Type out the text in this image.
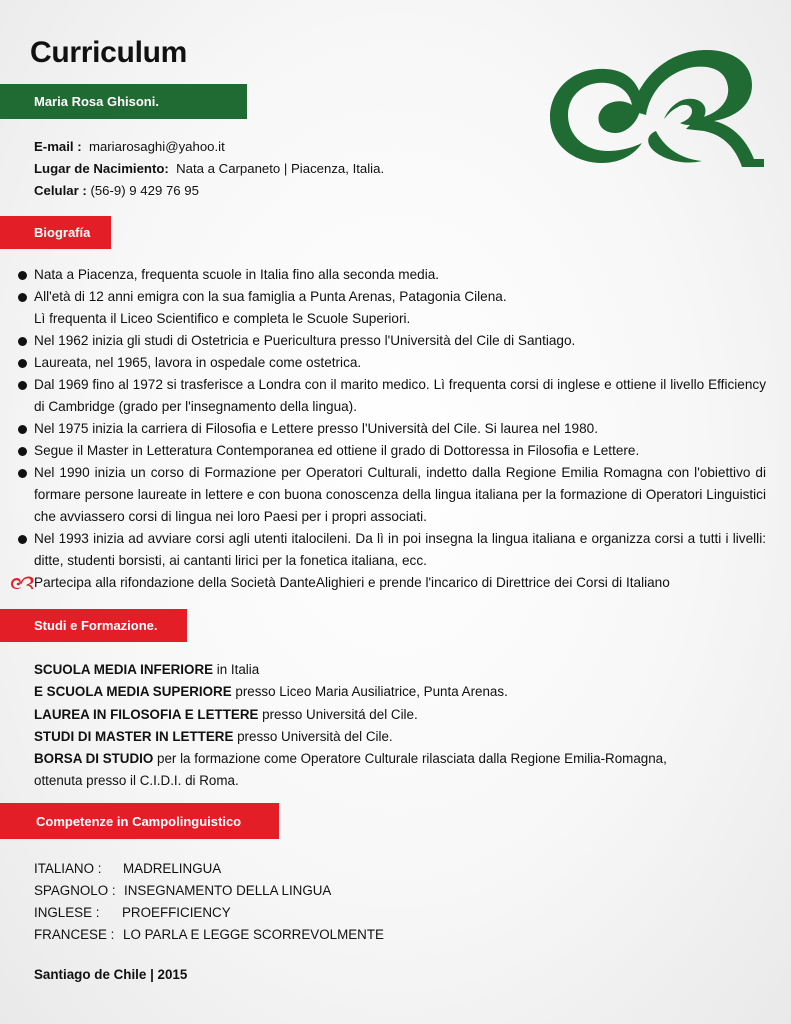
Curriculum
Maria Rosa Ghisoni.
E-mail : mariarosaghi@yahoo.it
Lugar de Nacimiento: Nata a Carpaneto | Piacenza, Italia.
Celular : (56-9) 9 429 76 95
Biografía
Nata a Piacenza, frequenta scuole in Italia fino alla seconda media.
All'età di 12 anni emigra con la sua famiglia a Punta Arenas, Patagonia Cilena.
Lì frequenta il Liceo Scientifico e completa le Scuole Superiori.
Nel 1962 inizia gli studi di Ostetricia e Puericultura presso l'Università del Cile di Santiago.
Laureata, nel 1965, lavora in ospedale come ostetrica.
Dal 1969 fino al 1972 si trasferisce a Londra con il marito medico. Lì frequenta corsi di inglese e ottiene il livello Efficiency di Cambridge (grado per l'insegnamento della lingua).
Nel 1975 inizia la carriera di Filosofia e Lettere presso l'Università del Cile. Si laurea nel 1980.
Segue il Master in Letteratura Contemporanea ed ottiene il grado di Dottoressa in Filosofia e Lettere.
Nel 1990 inizia un corso di Formazione per Operatori Culturali, indetto dalla Regione Emilia Romagna con l'obiettivo di formare persone laureate in lettere e con buona conoscenza della lingua italiana per la formazione di Operatori Linguistici che avviassero corsi di lingua nei loro Paesi per i propri associati.
Nel 1993 inizia ad avviare corsi agli utenti italocileni. Da lì in poi insegna la lingua italiana e organizza corsi a tutti i livelli: ditte, studenti borsisti, ai cantanti lirici per la fonetica italiana, ecc.
Partecipa alla rifondazione della Società DanteAlighieri e prende l'incarico di Direttrice dei Corsi di Italiano
Studi e Formazione.
SCUOLA MEDIA INFERIORE in Italia
E SCUOLA MEDIA SUPERIORE presso Liceo Maria Ausiliatrice, Punta Arenas.
LAUREA IN FILOSOFIA E LETTERE presso Universitá del Cile.
STUDI DI MASTER IN LETTERE presso Università del Cile.
BORSA DI STUDIO per la formazione come Operatore Culturale rilasciata dalla Regione Emilia-Romagna,
ottenuta presso il C.I.D.I. di Roma.
Competenze in Campolinguistico
ITALIANO :	MADRELINGUA
SPAGNOLO : INSEGNAMENTO DELLA LINGUA
INGLESE :	PROEFFICIENCY
FRANCESE : LO PARLA E LEGGE SCORREVOLMENTE
Santiago de Chile | 2015
